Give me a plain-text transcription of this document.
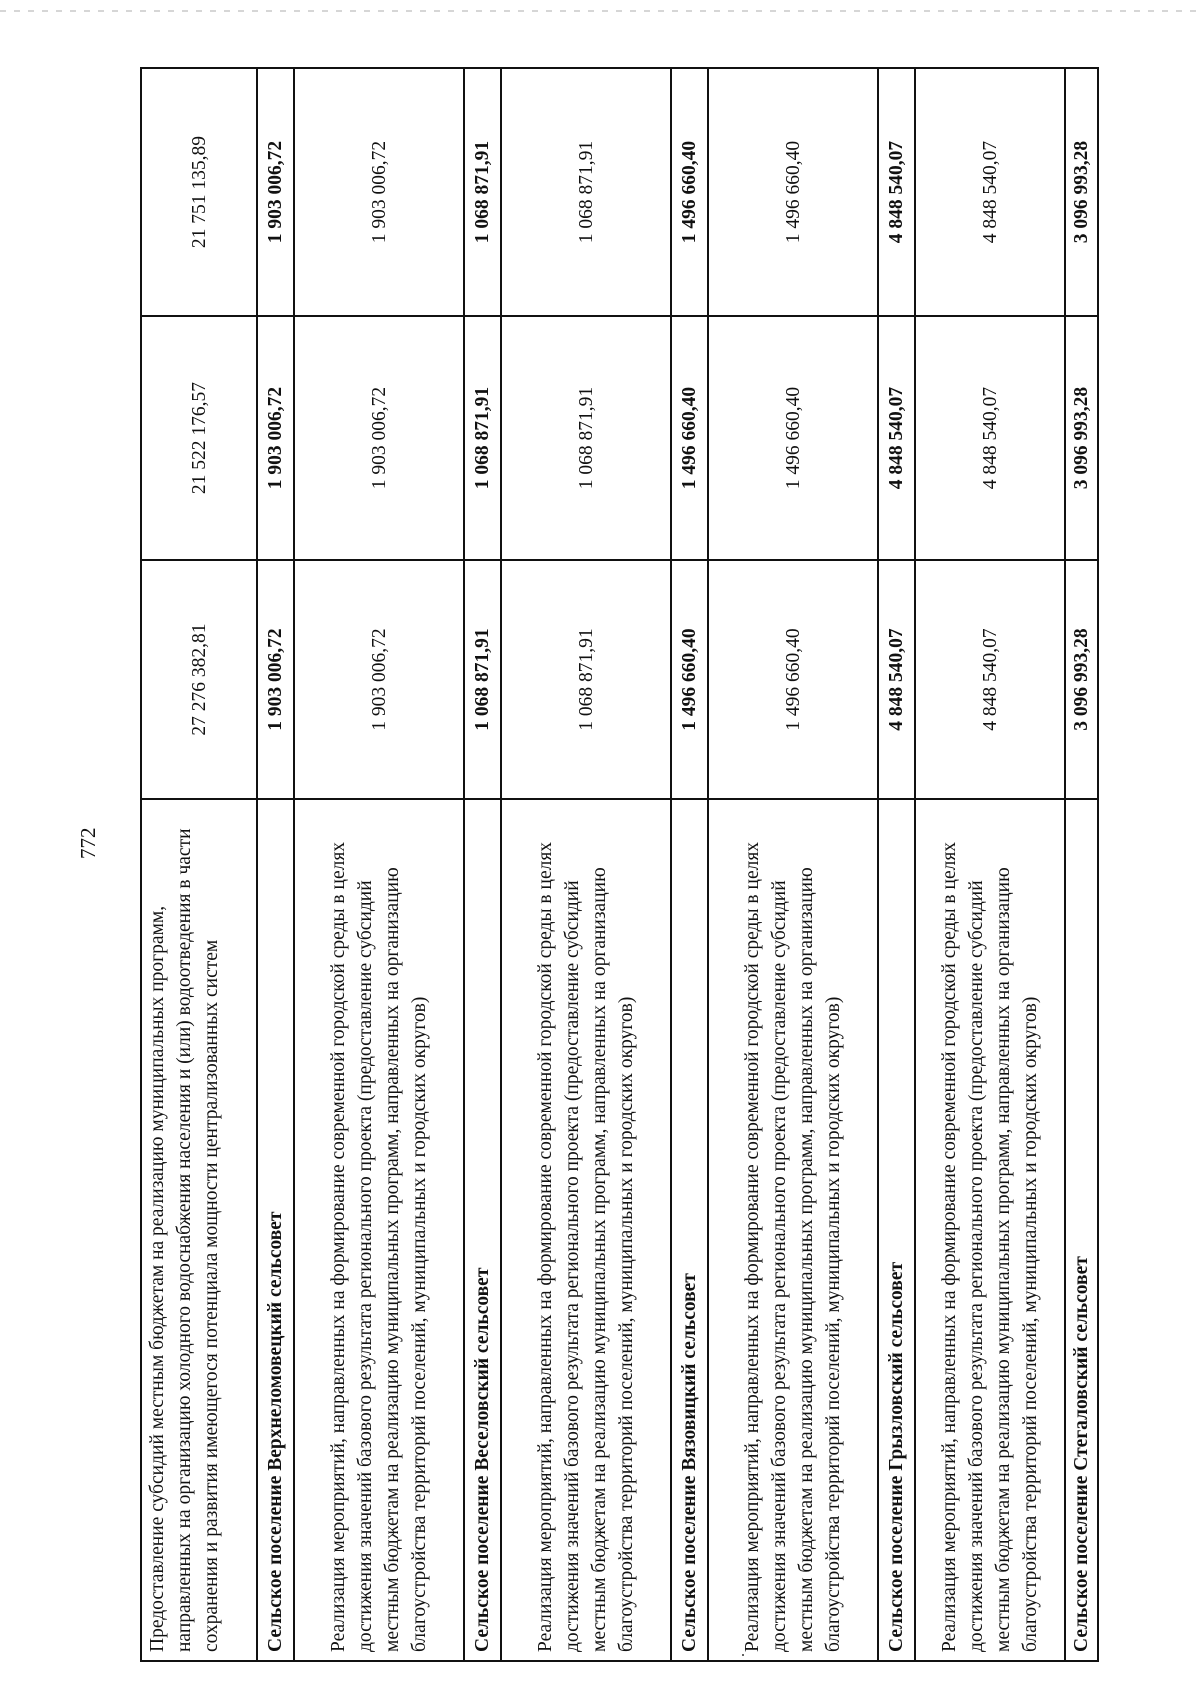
772
Предоставление субсидий местным бюджетам на реализацию муниципальных программ, направленных на организацию холодного водоснабжения населения и (или) водоотведения в части сохранения и развития имеющегося потенциала мощности централизованных систем	27 276 382,81	21 522 176,57	21 751 135,89
Сельское поселение Верхнеломовецкий сельсовет	1 903 006,72	1 903 006,72	1 903 006,72
Реализация мероприятий, направленных на формирование современной городской среды в целях достижения значений базового результата регионального проекта (предоставление субсидий местным бюджетам на реализацию муниципальных программ, направленных на организацию благоустройства территорий поселений, муниципальных и городских округов)	1 903 006,72	1 903 006,72	1 903 006,72
Сельское поселение Веселовский сельсовет	1 068 871,91	1 068 871,91	1 068 871,91
Реализация мероприятий, направленных на формирование современной городской среды в целях достижения значений базового результата регионального проекта (предоставление субсидий местным бюджетам на реализацию муниципальных программ, направленных на организацию благоустройства территорий поселений, муниципальных и городских округов)	1 068 871,91	1 068 871,91	1 068 871,91
Сельское поселение Вязовицкий сельсовет	1 496 660,40	1 496 660,40	1 496 660,40
Реализация мероприятий, направленных на формирование современной городской среды в целях достижения значений базового результата регионального проекта (предоставление субсидий местным бюджетам на реализацию муниципальных программ, направленных на организацию благоустройства территорий поселений, муниципальных и городских округов)	1 496 660,40	1 496 660,40	1 496 660,40
Сельское поселение Грызловский сельсовет	4 848 540,07	4 848 540,07	4 848 540,07
Реализация мероприятий, направленных на формирование современной городской среды в целях достижения значений базового результата регионального проекта (предоставление субсидий местным бюджетам на реализацию муниципальных программ, направленных на организацию благоустройства территорий поселений, муниципальных и городских округов)	4 848 540,07	4 848 540,07	4 848 540,07
Сельское поселение Стегаловский сельсовет	3 096 993,28	3 096 993,28	3 096 993,28
